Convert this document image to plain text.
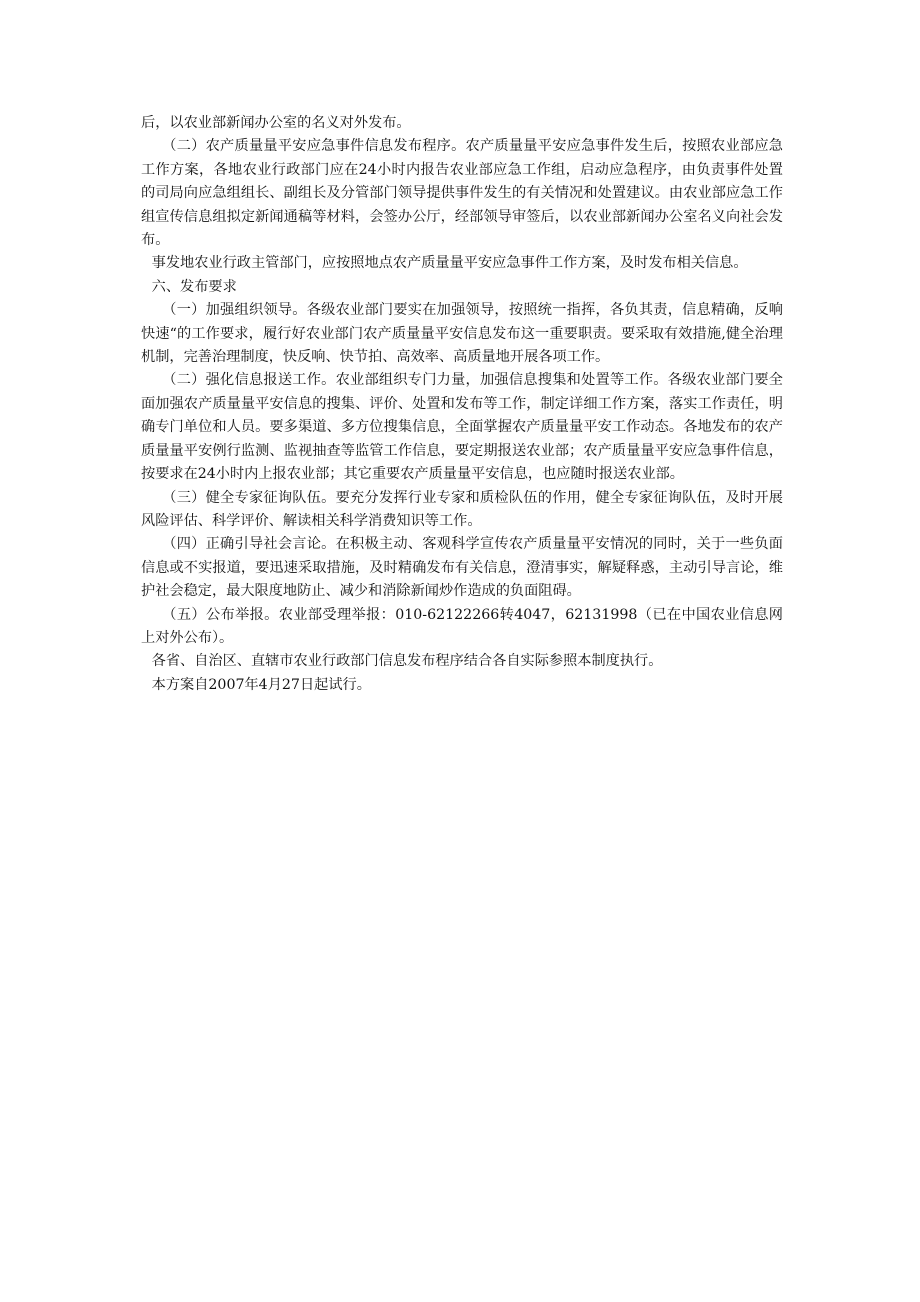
后，以农业部新闻办公室的名义对外发布。

（二）农产质量量平安应急事件信息发布程序。农产质量量平安应急事件发生后，按照农业部应急工作方案，各地农业行政部门应在24小时内报告农业部应急工作组，启动应急程序，由负责事件处置的司局向应急组组长、副组长及分管部门领导提供事件发生的有关情况和处置建议。由农业部应急工作组宣传信息组拟定新闻通稿等材料，会签办公厅，经部领导审签后，以农业部新闻办公室名义向社会发布。

事发地农业行政主管部门，应按照地点农产质量量平安应急事件工作方案，及时发布相关信息。

六、发布要求

（一）加强组织领导。各级农业部门要实在加强领导，按照统一指挥，各负其责，信息精确，反响快速“的工作要求，履行好农业部门农产质量量平安信息发布这一重要职责。要采取有效措施,健全治理机制，完善治理制度，快反响、快节拍、高效率、高质量地开展各项工作。

（二）强化信息报送工作。农业部组织专门力量，加强信息搜集和处置等工作。各级农业部门要全面加强农产质量量平安信息的搜集、评价、处置和发布等工作，制定详细工作方案，落实工作责任，明确专门单位和人员。要多渠道、多方位搜集信息，全面掌握农产质量量平安工作动态。各地发布的农产质量量平安例行监测、监视抽查等监管工作信息，要定期报送农业部；农产质量量平安应急事件信息，按要求在24小时内上报农业部；其它重要农产质量量平安信息，也应随时报送农业部。

（三）健全专家征询队伍。要充分发挥行业专家和质检队伍的作用，健全专家征询队伍，及时开展风险评估、科学评价、解读相关科学消费知识等工作。

（四）正确引导社会言论。在积极主动、客观科学宣传农产质量量平安情况的同时，关于一些负面信息或不实报道，要迅速采取措施，及时精确发布有关信息，澄清事实，解疑释惑，主动引导言论，维护社会稳定，最大限度地防止、减少和消除新闻炒作造成的负面阻碍。

（五）公布举报。农业部受理举报：010-62122266转4047，62131998（已在中国农业信息网上对外公布）。

各省、自治区、直辖市农业行政部门信息发布程序结合各自实际参照本制度执行。

本方案自2007年4月27日起试行。
